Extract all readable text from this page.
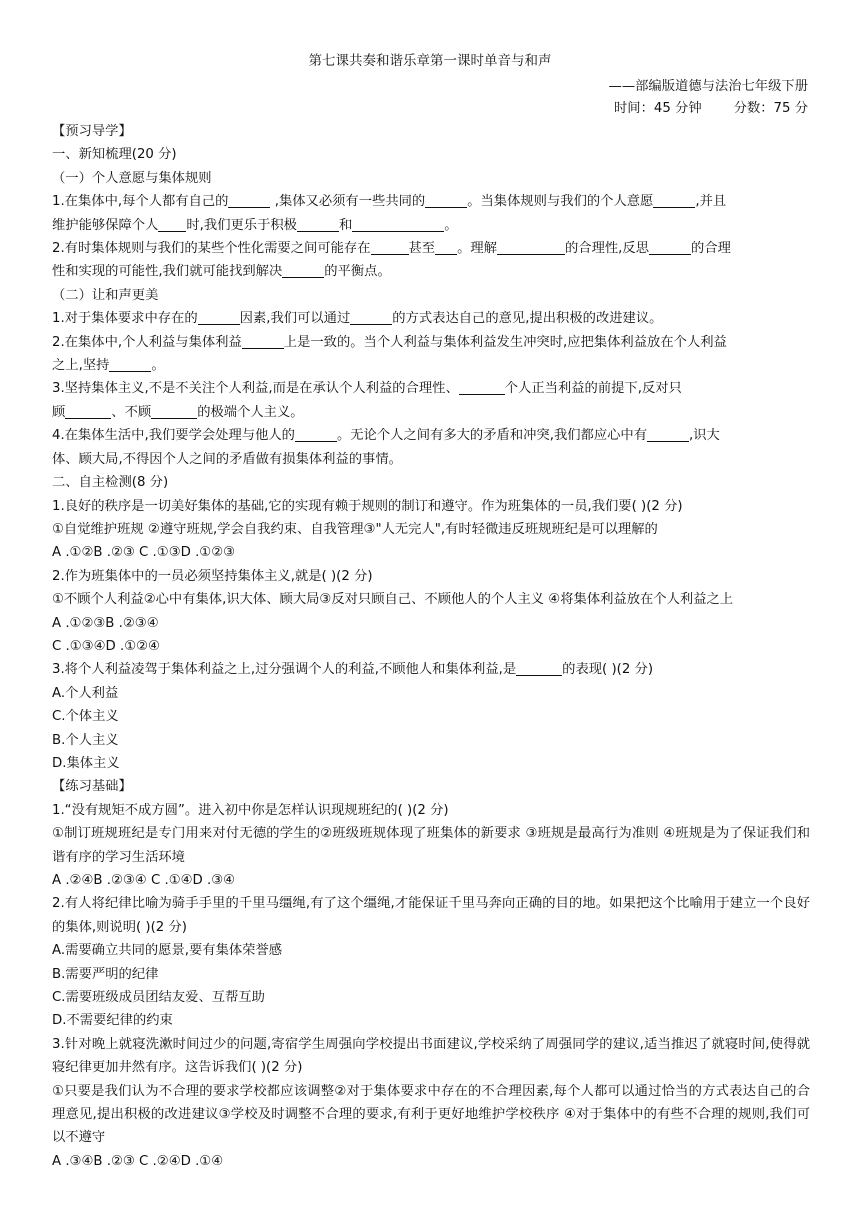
第七课共奏和谐乐章第一课时单音与和声
——部编版道德与法治七年级下册
时间：45 分钟 分数：75 分
【预习导学】
一、新知梳理(20 分)
（一）个人意愿与集体规则
1.在集体中,每个人都有自己的	,集体又必须有一些共同的	。当集体规则与我们的个人意愿	,并且
维护能够保障个人 时,我们更乐于积极	和	。
2.有时集体规则与我们的某些个性化需要之间可能存在	甚至 。理解	的合理性,反思	的合理
性和实现的可能性,我们就可能找到解决	的平衡点。
（二）让和声更美
1.对于集体要求中存在的	因素,我们可以通过	的方式表达自己的意见,提出积极的改进建议。
2.在集体中,个人利益与集体利益	上是一致的。当个人利益与集体利益发生冲突时,应把集体利益放在个人利益
之上,坚持	。
3.坚持集体主义,不是不关注个人利益,而是在承认个人利益的合理性、	个人正当利益的前提下,反对只
顾	、不顾	的极端个人主义。
4.在集体生活中,我们要学会处理与他人的	。无论个人之间有多大的矛盾和冲突,我们都应心中有	,识大
体、顾大局,不得因个人之间的矛盾做有损集体利益的事情。
二、自主检测(8 分)
1.良好的秩序是一切美好集体的基础,它的实现有赖于规则的制订和遵守。作为班集体的一员,我们要( )(2 分)
①自觉维护班规 ②遵守班规,学会自我约束、自我管理③"人无完人",有时轻微违反班规班纪是可以理解的
A .①②B .②③ C .①③D .①②③
2.作为班集体中的一员必须坚持集体主义,就是( )(2 分)
①不顾个人利益②心中有集体,识大体、顾大局③反对只顾自己、不顾他人的个人主义 ④将集体利益放在个人利益之上
A .①②③B .②③④
C .①③④D .①②④
3.将个人利益凌驾于集体利益之上,过分强调个人的利益,不顾他人和集体利益,是	的表现( )(2 分)
A.个人利益
C.个体主义
B.个人主义
D.集体主义
【练习基础】
1.“没有规矩不成方圆”。进入初中你是怎样认识现规班纪的( )(2 分)
①制订班规班纪是专门用来对付无德的学生的②班级班规体现了班集体的新要求 ③班规是最高行为准则 ④班规是为了保证我们和谐有序的学习生活环境
A .②④B .②③④ C .①④D .③④
2.有人将纪律比喻为骑手手里的千里马缰绳,有了这个缰绳,才能保证千里马奔向正确的目的地。如果把这个比喻用于建立一个良好的集体,则说明( )(2 分)
A.需要确立共同的愿景,要有集体荣誉感
B.需要严明的纪律
C.需要班级成员团结友爱、互帮互助
D.不需要纪律的约束
3.针对晚上就寝洗漱时间过少的问题,寄宿学生周强向学校提出书面建议,学校采纳了周强同学的建议,适当推迟了就寝时间,使得就寝纪律更加井然有序。这告诉我们( )(2 分)
①只要是我们认为不合理的要求学校都应该调整②对于集体要求中存在的不合理因素,每个人都可以通过恰当的方式表达自己的合理意见,提出积极的改进建议③学校及时调整不合理的要求,有利于更好地维护学校秩序 ④对于集体中的有些不合理的规则,我们可以不遵守
A .③④B .②③ C .②④D .①④
